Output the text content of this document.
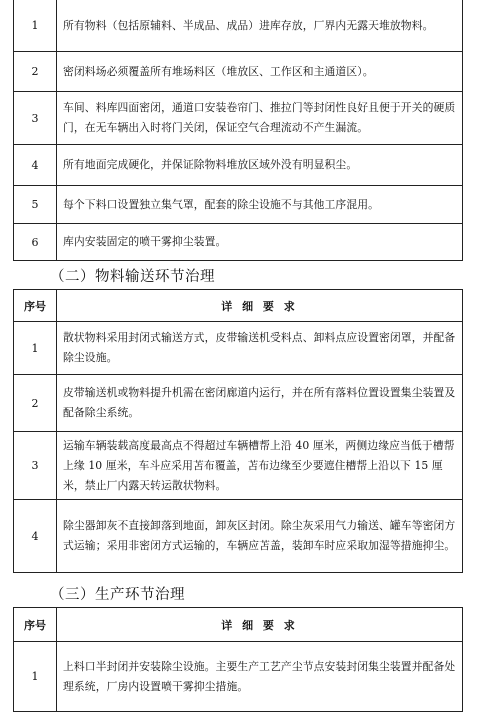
1	所有物料（包括原辅料、半成品、成品）进库存放，厂界内无露天堆放物料。
2	密闭料场必须覆盖所有堆场料区（堆放区、工作区和主通道区）。
3	车间、料库四面密闭，通道口安装卷帘门、推拉门等封闭性良好且便于开关的硬质门，在无车辆出入时将门关闭，保证空气合理流动不产生漏流。
4	所有地面完成硬化，并保证除物料堆放区域外没有明显积尘。
5	每个下料口设置独立集气罩，配套的除尘设施不与其他工序混用。
6	库内安装固定的喷干雾抑尘装置。
（二）物料输送环节治理
序号	详 细 要 求
1	散状物料采用封闭式输送方式，皮带输送机受料点、卸料点应设置密闭罩，并配备除尘设施。
2	皮带输送机或物料提升机需在密闭廊道内运行，并在所有落料位置设置集尘装置及配备除尘系统。
3	运输车辆装载高度最高点不得超过车辆槽帮上沿 40 厘米，两侧边缘应当低于槽帮上缘 10 厘米，车斗应采用苫布覆盖，苫布边缘至少要遮住槽帮上沿以下 15 厘米，禁止厂内露天转运散状物料。
4	除尘器卸灰不直接卸落到地面，卸灰区封闭。除尘灰采用气力输送、罐车等密闭方式运输；采用非密闭方式运输的，车辆应苫盖，装卸车时应采取加湿等措施抑尘。
（三）生产环节治理
序号	详 细 要 求
1	上料口半封闭并安装除尘设施。主要生产工艺产尘节点安装封闭集尘装置并配备处理系统，厂房内设置喷干雾抑尘措施。
